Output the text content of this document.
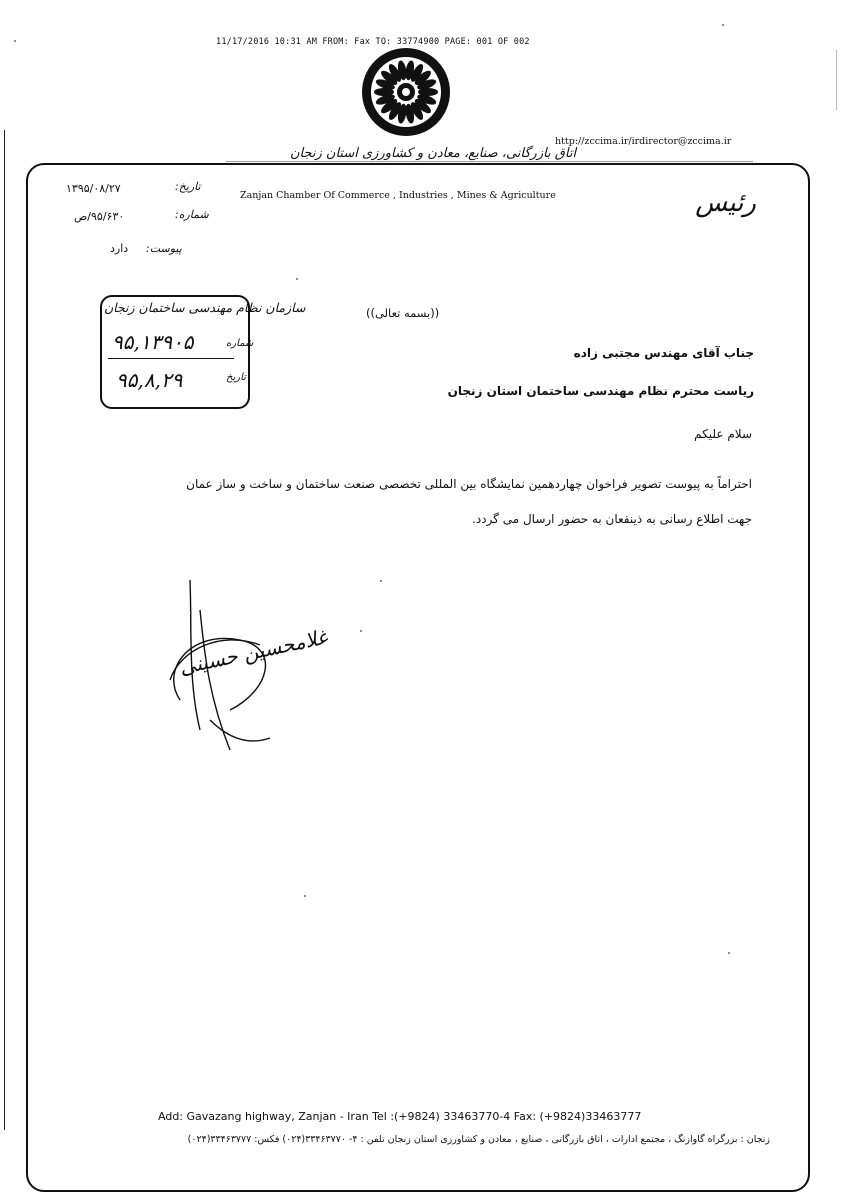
11/17/2016 10:31 AM FROM: Fax TO: 33774900 PAGE: 001 OF 002
http://zccima.ir/irdirector@zccima.ir
اتاق بازرگانی، صنایع، معادن و کشاورزی استان زنجان
Zanjan Chamber Of Commerce , Industries , Mines & Agriculture	رئیس
تاریخ:
۱۳۹۵/۰۸/۲۷
شماره:
۹۵/۶۳۰/ص
پیوست:
دارد
سازمان نظام مهندسی ساختمان زنجان
شماره
۹۵,۱۳۹۰۵
تاریخ
۹۵,۸,۲۹
((بسمه تعالی))
جناب آقای مهندس مجتبی زاده
ریاست محترم نظام مهندسی ساختمان استان زنجان
سلام علیکم
احتراماً به پیوست تصویر فراخوان چهاردهمین نمایشگاه بین المللی تخصصی صنعت ساختمان و ساخت و ساز عمان
جهت اطلاع رسانی به ذینفعان به حضور ارسال می گردد.
غلامحسین حسینی
Add: Gavazang highway, Zanjan - Iran Tel :(+9824) 33463770-4 Fax: (+9824)33463777
زنجان : بزرگراه گاوازنگ ، مجتمع ادارات ، اتاق بازرگانی ، صنایع ، معادن و کشاورزی استان زنجان تلفن : ۴- ۳۳۴۶۳۷۷۰(۰۲۴) فکس: ۳۳۴۶۳۷۷۷(۰۲۴)
